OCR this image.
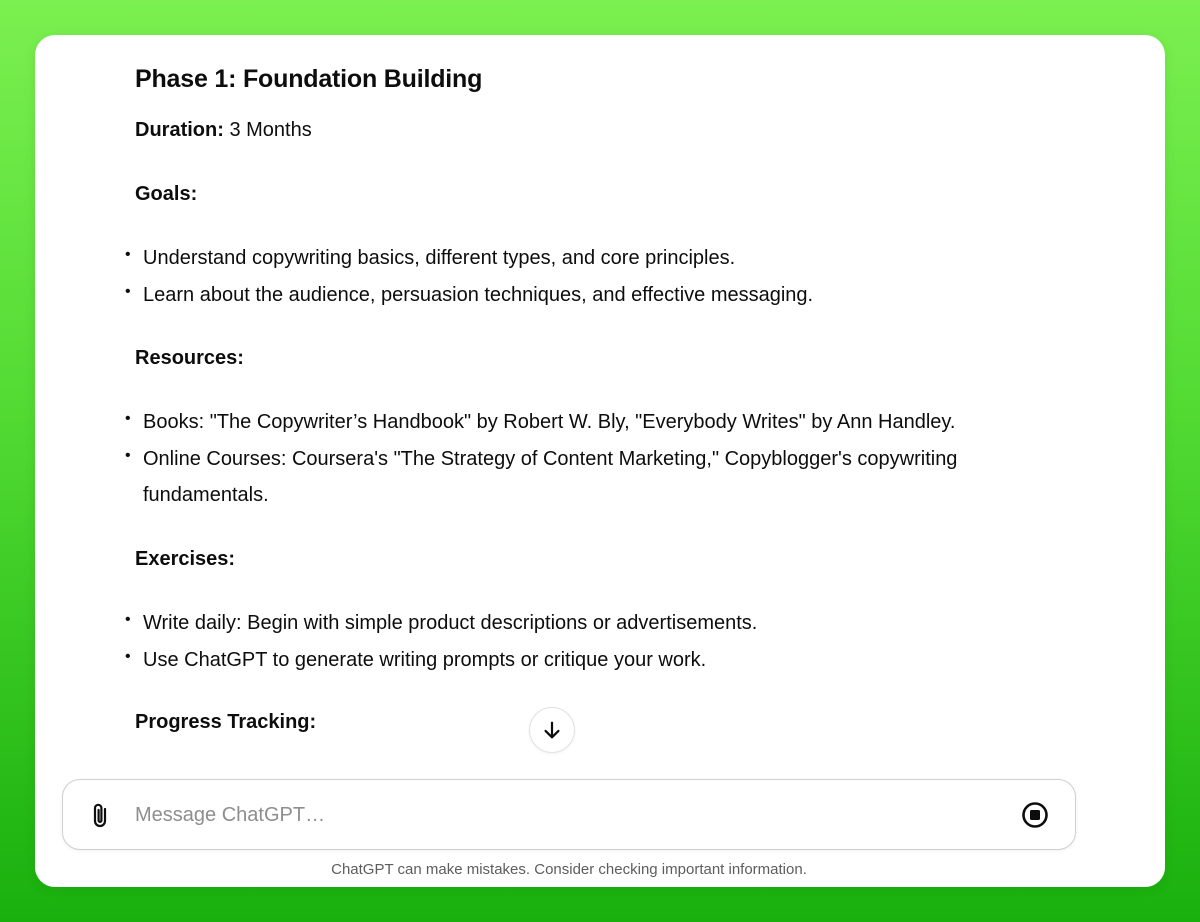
Phase 1: Foundation Building
Duration: 3 Months
Goals:
• Understand copywriting basics, different types, and core principles.
• Learn about the audience, persuasion techniques, and effective messaging.
Resources:
• Books: "The Copywriter’s Handbook" by Robert W. Bly, "Everybody Writes" by Ann Handley.
• Online Courses: Coursera's "The Strategy of Content Marketing," Copyblogger's copywriting
fundamentals.
Exercises:
• Write daily: Begin with simple product descriptions or advertisements.
• Use ChatGPT to generate writing prompts or critique your work.
Progress Tracking:
Message ChatGPT…
ChatGPT can make mistakes. Consider checking important information.
